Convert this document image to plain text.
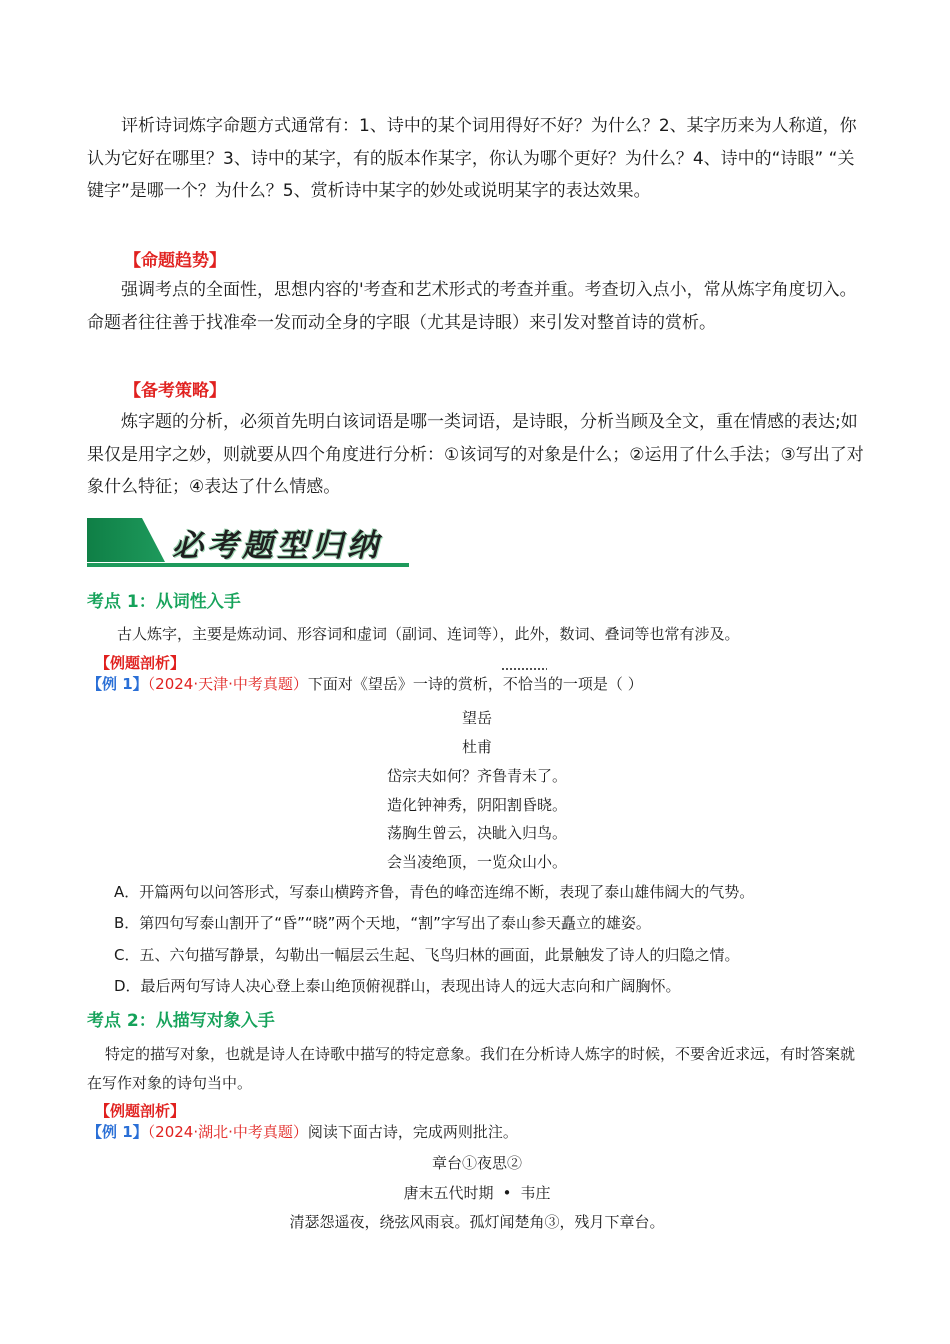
评析诗词炼字命题方式通常有：1、诗中的某个词用得好不好？为什么？2、某字历来为人称道，你认为它好在哪里？3、诗中的某字，有的版本作某字，你认为哪个更好？为什么？4、诗中的“诗眼” “关键字”是哪一个？为什么？5、赏析诗中某字的妙处或说明某字的表达效果。

【命题趋势】

强调考点的全面性，思想内容的'考查和艺术形式的考查并重。考查切入点小，常从炼字角度切入。命题者往往善于找准牵一发而动全身的字眼（尤其是诗眼）来引发对整首诗的赏析。

【备考策略】

炼字题的分析，必须首先明白该词语是哪一类词语，是诗眼，分析当顾及全文，重在情感的表达;如果仅是用字之妙，则就要从四个角度进行分析：①该词写的对象是什么；②运用了什么手法；③写出了对象什么特征；④表达了什么情感。

必考题型归纳
考点 1：从词性入手

古人炼字，主要是炼动词、形容词和虚词（副词、连词等），此外，数词、叠词等也常有涉及。

【例题剖析】
【例 1】（2024·天津·中考真题）下面对《望岳》一诗的赏析，不恰当的一项是（ ）
望岳
杜甫
岱宗夫如何？齐鲁青未了。
造化钟神秀，阴阳割昏晓。
荡胸生曾云，决眦入归鸟。
会当凌绝顶，一览众山小。
A．开篇两句以问答形式，写泰山横跨齐鲁，青色的峰峦连绵不断，表现了泰山雄伟阔大的气势。
B．第四句写泰山割开了“昏”“晓”两个天地，“割”字写出了泰山参天矗立的雄姿。
C．五、六句描写静景，勾勒出一幅层云生起、飞鸟归林的画面，此景触发了诗人的归隐之情。
D．最后两句写诗人决心登上泰山绝顶俯视群山，表现出诗人的远大志向和广阔胸怀。
考点 2：从描写对象入手

特定的描写对象，也就是诗人在诗歌中描写的特定意象。我们在分析诗人炼字的时候，不要舍近求远，有时答案就在写作对象的诗句当中。

【例题剖析】
【例 1】（2024·湖北·中考真题）阅读下面古诗，完成两则批注。
章台①夜思②
唐末五代时期 • 韦庄
清瑟怨遥夜，绕弦风雨哀。孤灯闻楚角③，残月下章台。
